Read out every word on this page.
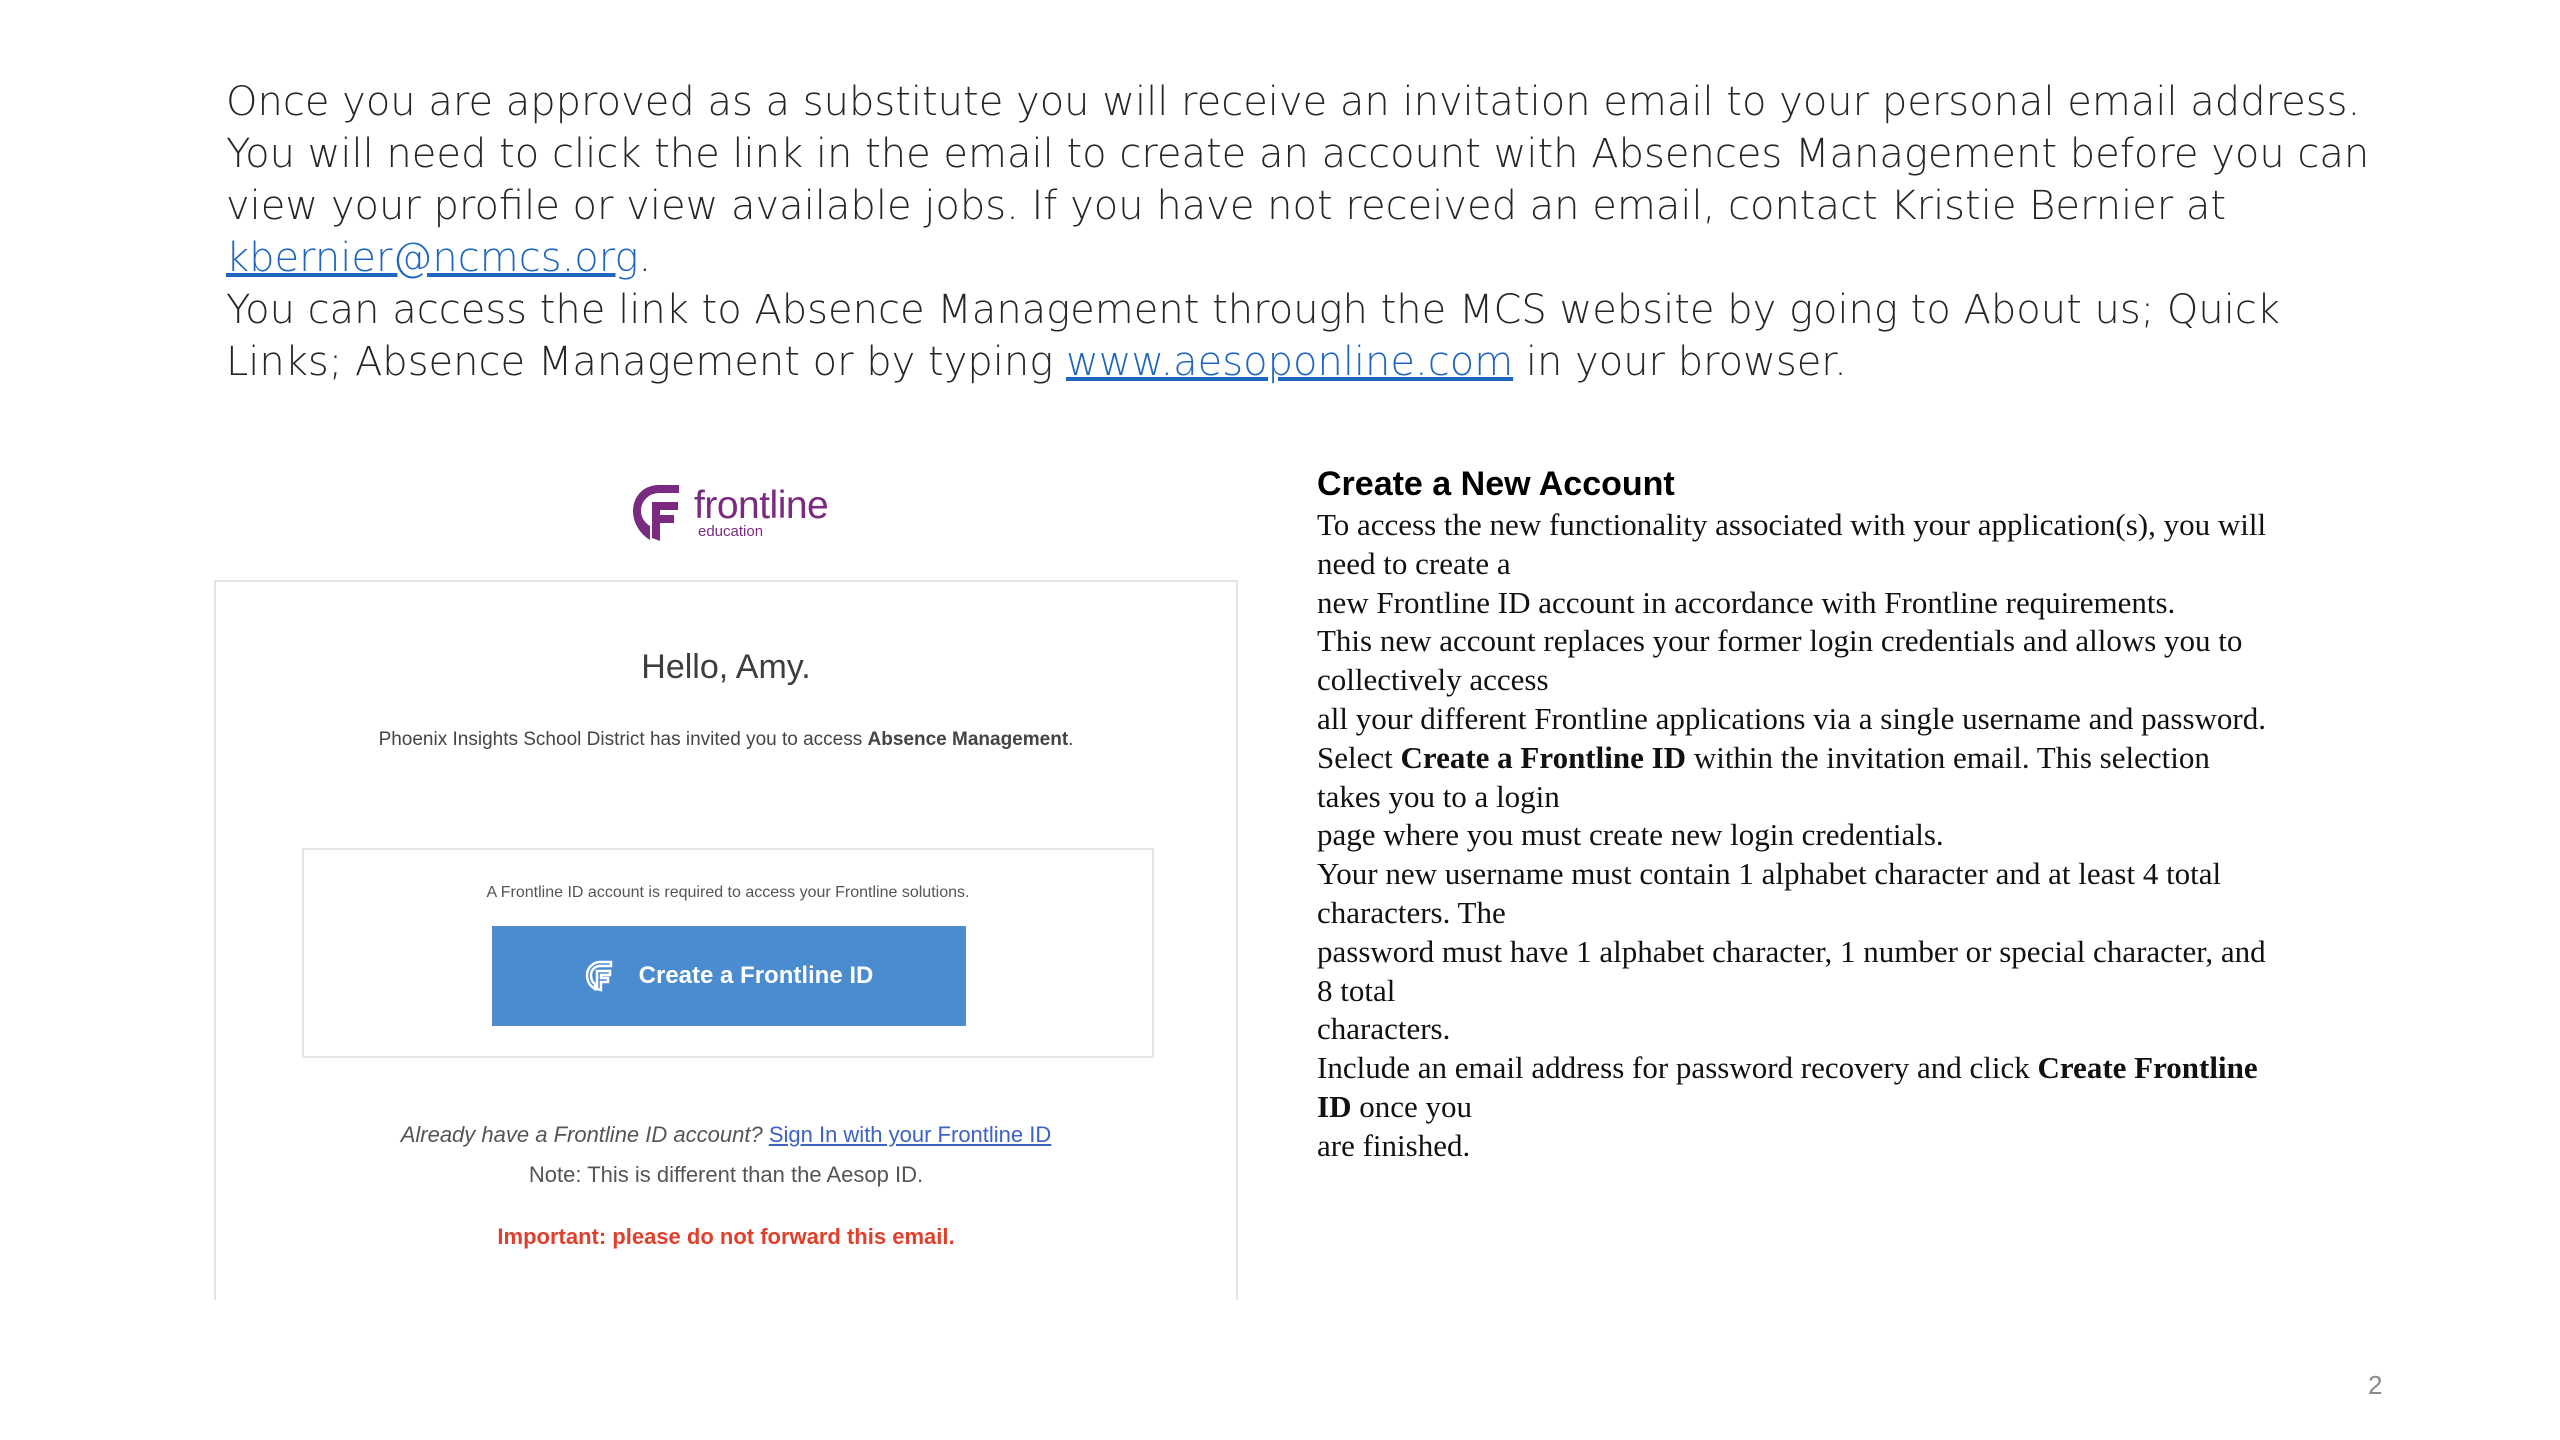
Once you are approved as a substitute you will receive an invitation email to your personal email address. You will need to click the link in the email to create an account with Absences Management before you can view your profile or view available jobs. If you have not received an email, contact Kristie Bernier at
kbernier@ncmcs.org.

You can access the link to Absence Management through the MCS website by going to About us; Quick Links; Absence Management or by typing www.aesoponline.com in your browser.

frontline
education
Hello, Amy.
Phoenix Insights School District has invited you to access Absence Management.
A Frontline ID account is required to access your Frontline solutions.
Create a Frontline ID
Already have a Frontline ID account? Sign In with your Frontline ID
Note: This is different than the Aesop ID.
Important: please do not forward this email.
Create a New Account
To access the new functionality associated with your application(s), you will
need to create a
new Frontline ID account in accordance with Frontline requirements.
This new account replaces your former login credentials and allows you to
collectively access
all your different Frontline applications via a single username and password.
Select Create a Frontline ID within the invitation email. This selection
takes you to a login
page where you must create new login credentials.
Your new username must contain 1 alphabet character and at least 4 total
characters. The
password must have 1 alphabet character, 1 number or special character, and
8 total
characters.
Include an email address for password recovery and click Create Frontline
ID once you
are finished.
2
